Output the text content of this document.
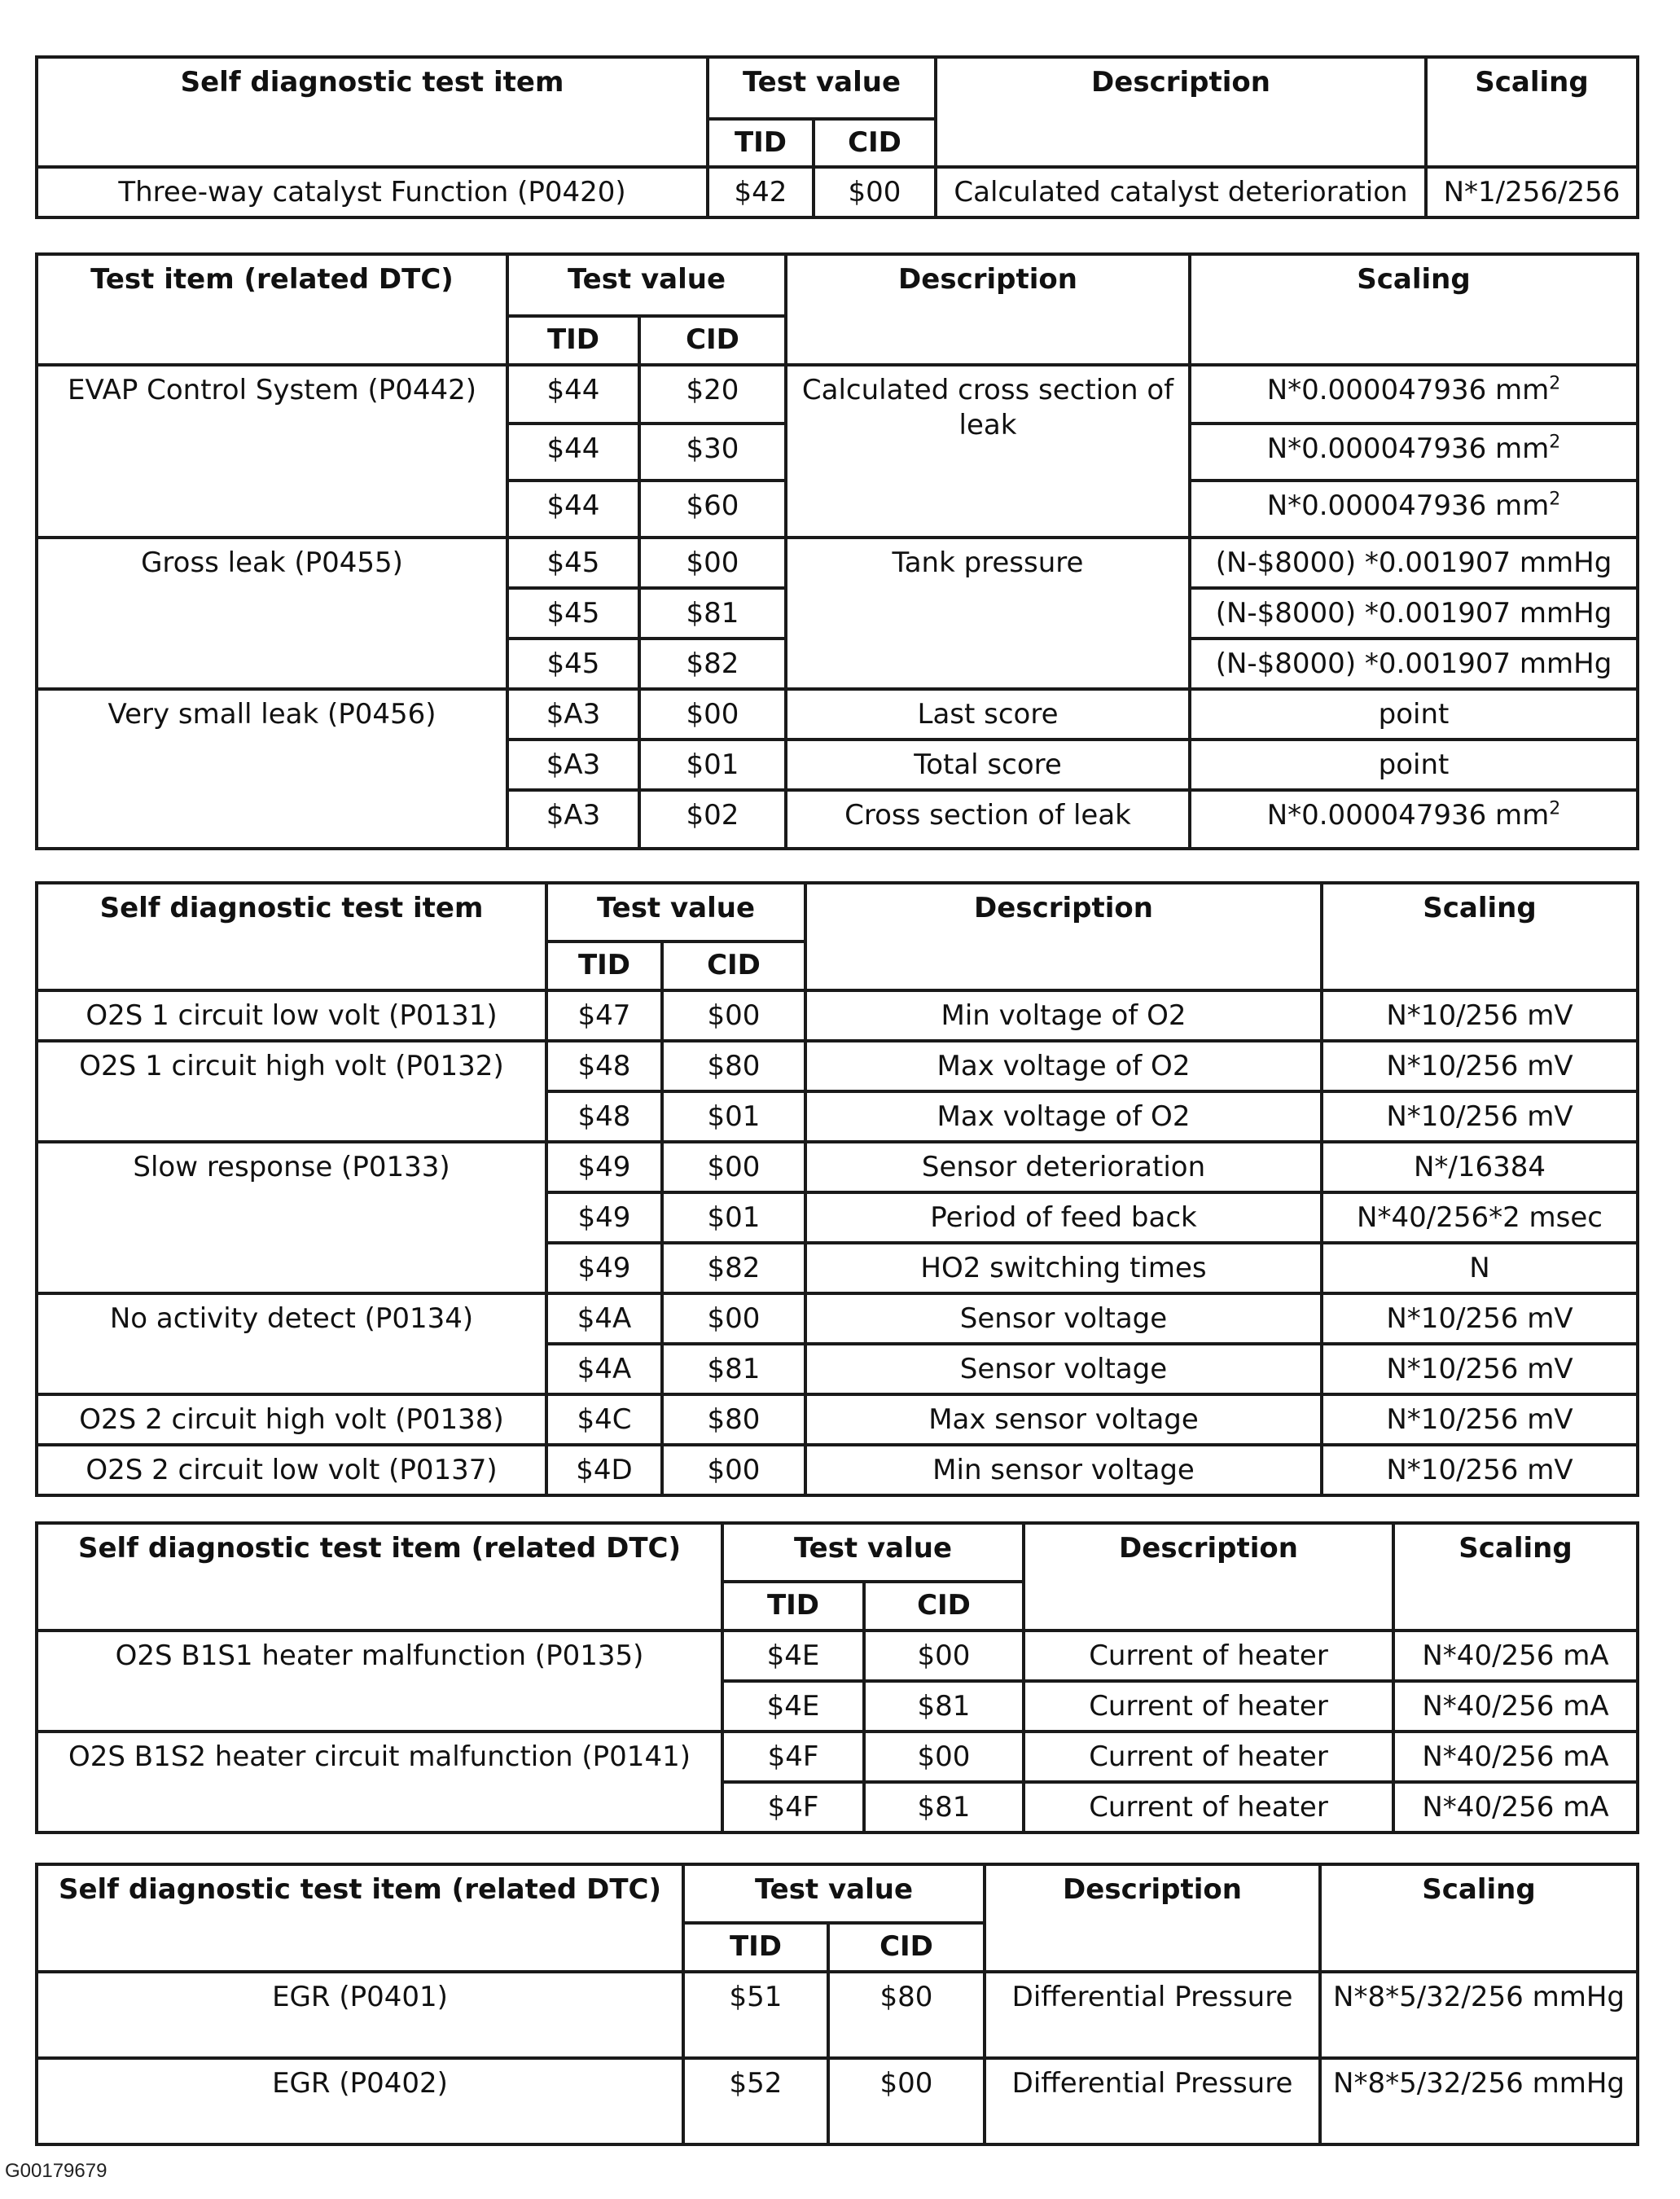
Self diagnostic test item	Test value		Description	Scaling
	TID	CID		
Three-way catalyst Function (P0420)	$42	$00	Calculated catalyst deterioration	N*1/256/256
Test item (related DTC)	Test value		Description	Scaling
	TID	CID		
EVAP Control System (P0442)	$44	$20	Calculated cross section of leak	N*0.000047936 $mm^2$
	$44	$30		N*0.000047936 $mm^2$
	$44	$60		N*0.000047936 $mm^2$
Gross leak (P0455)	$45	$00	Tank pressure	(N-$8000) *0.001907 mmHg
	$45	$81		(N-$8000) *0.001907 mmHg
	$45	$82		(N-$8000) *0.001907 mmHg
Very small leak (P0456)	$A3	$00	Last score	point
	$A3	$01	Total score	point
	$A3	$02	Cross section of leak	N*0.000047936 $mm^2$
Self diagnostic test item	Test value		Description	Scaling
	TID	CID		
O2S 1 circuit low volt (P0131)	$47	$00	Min voltage of O2	N*10/256 mV
O2S 1 circuit high volt (P0132)	$48	$80	Max voltage of O2	N*10/256 mV
	$48	$01	Max voltage of O2	N*10/256 mV
Slow response (P0133)	$49	$00	Sensor deterioration	N*/16384
	$49	$01	Period of feed back	N*40/256*2 msec
	$49	$82	HO2 switching times	N
No activity detect (P0134)	$4A	$00	Sensor voltage	N*10/256 mV
	$4A	$81	Sensor voltage	N*10/256 mV
O2S 2 circuit high volt (P0138)	$4C	$80	Max sensor voltage	N*10/256 mV
O2S 2 circuit low volt (P0137)	$4D	$00	Min sensor voltage	N*10/256 mV
Self diagnostic test item (related DTC)	Test value		Description	Scaling
	TID	CID		
O2S B1S1 heater malfunction (P0135)	$4E	$00	Current of heater	N*40/256 mA
	$4E	$81	Current of heater	N*40/256 mA
O2S B1S2 heater circuit malfunction (P0141)	$4F	$00	Current of heater	N*40/256 mA
	$4F	$81	Current of heater	N*40/256 mA
Self diagnostic test item (related DTC)	Test value		Description	Scaling
	TID	CID		
EGR (P0401)	$51	$80	Differential Pressure	N*8*5/32/256 mmHg
EGR (P0402)	$52	$00	Differential Pressure	N*8*5/32/256 mmHg
G00179679
